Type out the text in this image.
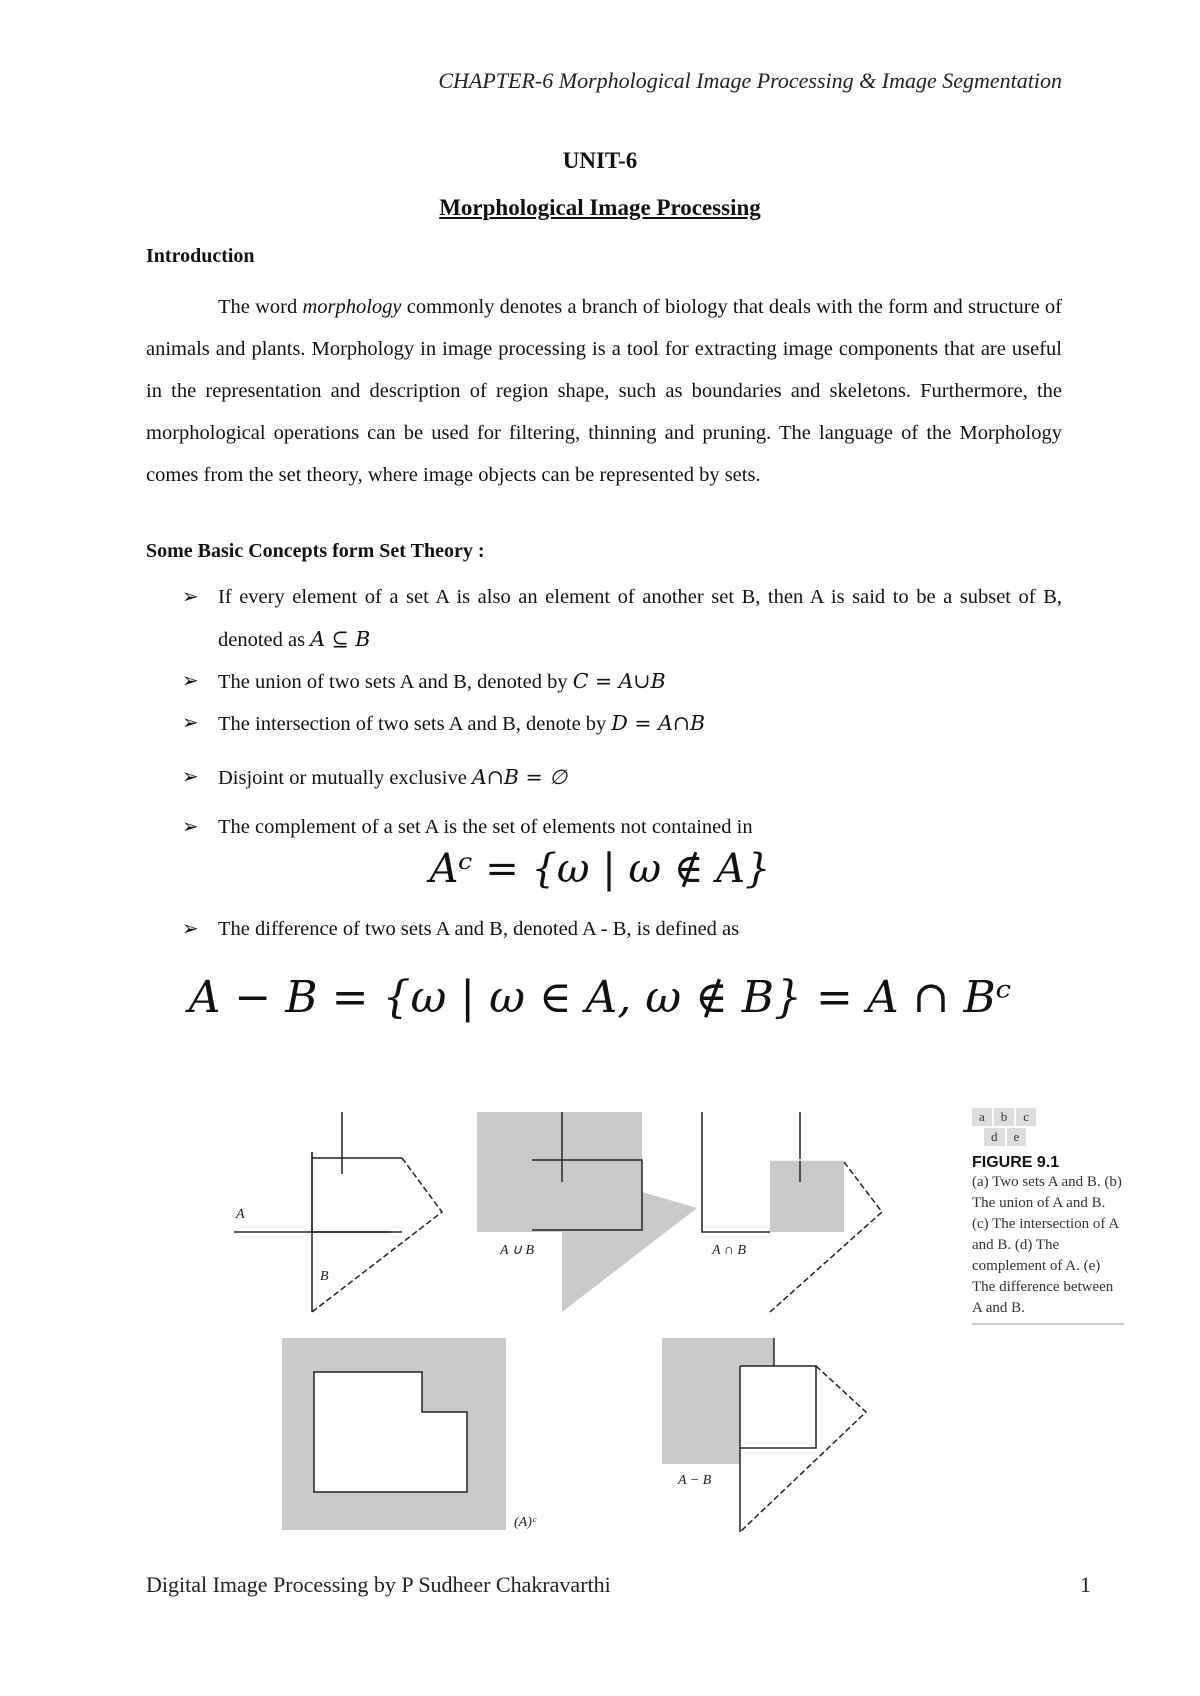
CHAPTER-6 Morphological Image Processing & Image Segmentation
UNIT-6
Morphological Image Processing
Introduction
The word morphology commonly denotes a branch of biology that deals with the form and structure of animals and plants. Morphology in image processing is a tool for extracting image components that are useful in the representation and description of region shape, such as boundaries and skeletons. Furthermore, the morphological operations can be used for filtering, thinning and pruning. The language of the Morphology comes from the set theory, where image objects can be represented by sets.
Some Basic Concepts form Set Theory :
➢ If every element of a set A is also an element of another set B, then A is said to be a subset of B, denoted as A ⊆ B
➢ The union of two sets A and B, denoted by C = A∪B
➢ The intersection of two sets A and B, denote by D = A∩B
➢ Disjoint or mutually exclusive A∩B = ∅
➢ The complement of a set A is the set of elements not contained in
Aᶜ = {ω | ω ∉ A}
➢ The difference of two sets A and B, denoted A - B, is defined as
A − B = {ω | ω ∈ A, ω ∉ B} = A ∩ Bᶜ
A
B
A ∪ B	A ∩ B
(A)ᶜ
A − B
a	b	c
d	e
FIGURE 9.1
(a) Two sets A and B. (b) The union of A and B. (c) The intersection of A and B. (d) The complement of A. (e) The difference between A and B.
Digital Image Processing by P Sudheer Chakravarthi	1
